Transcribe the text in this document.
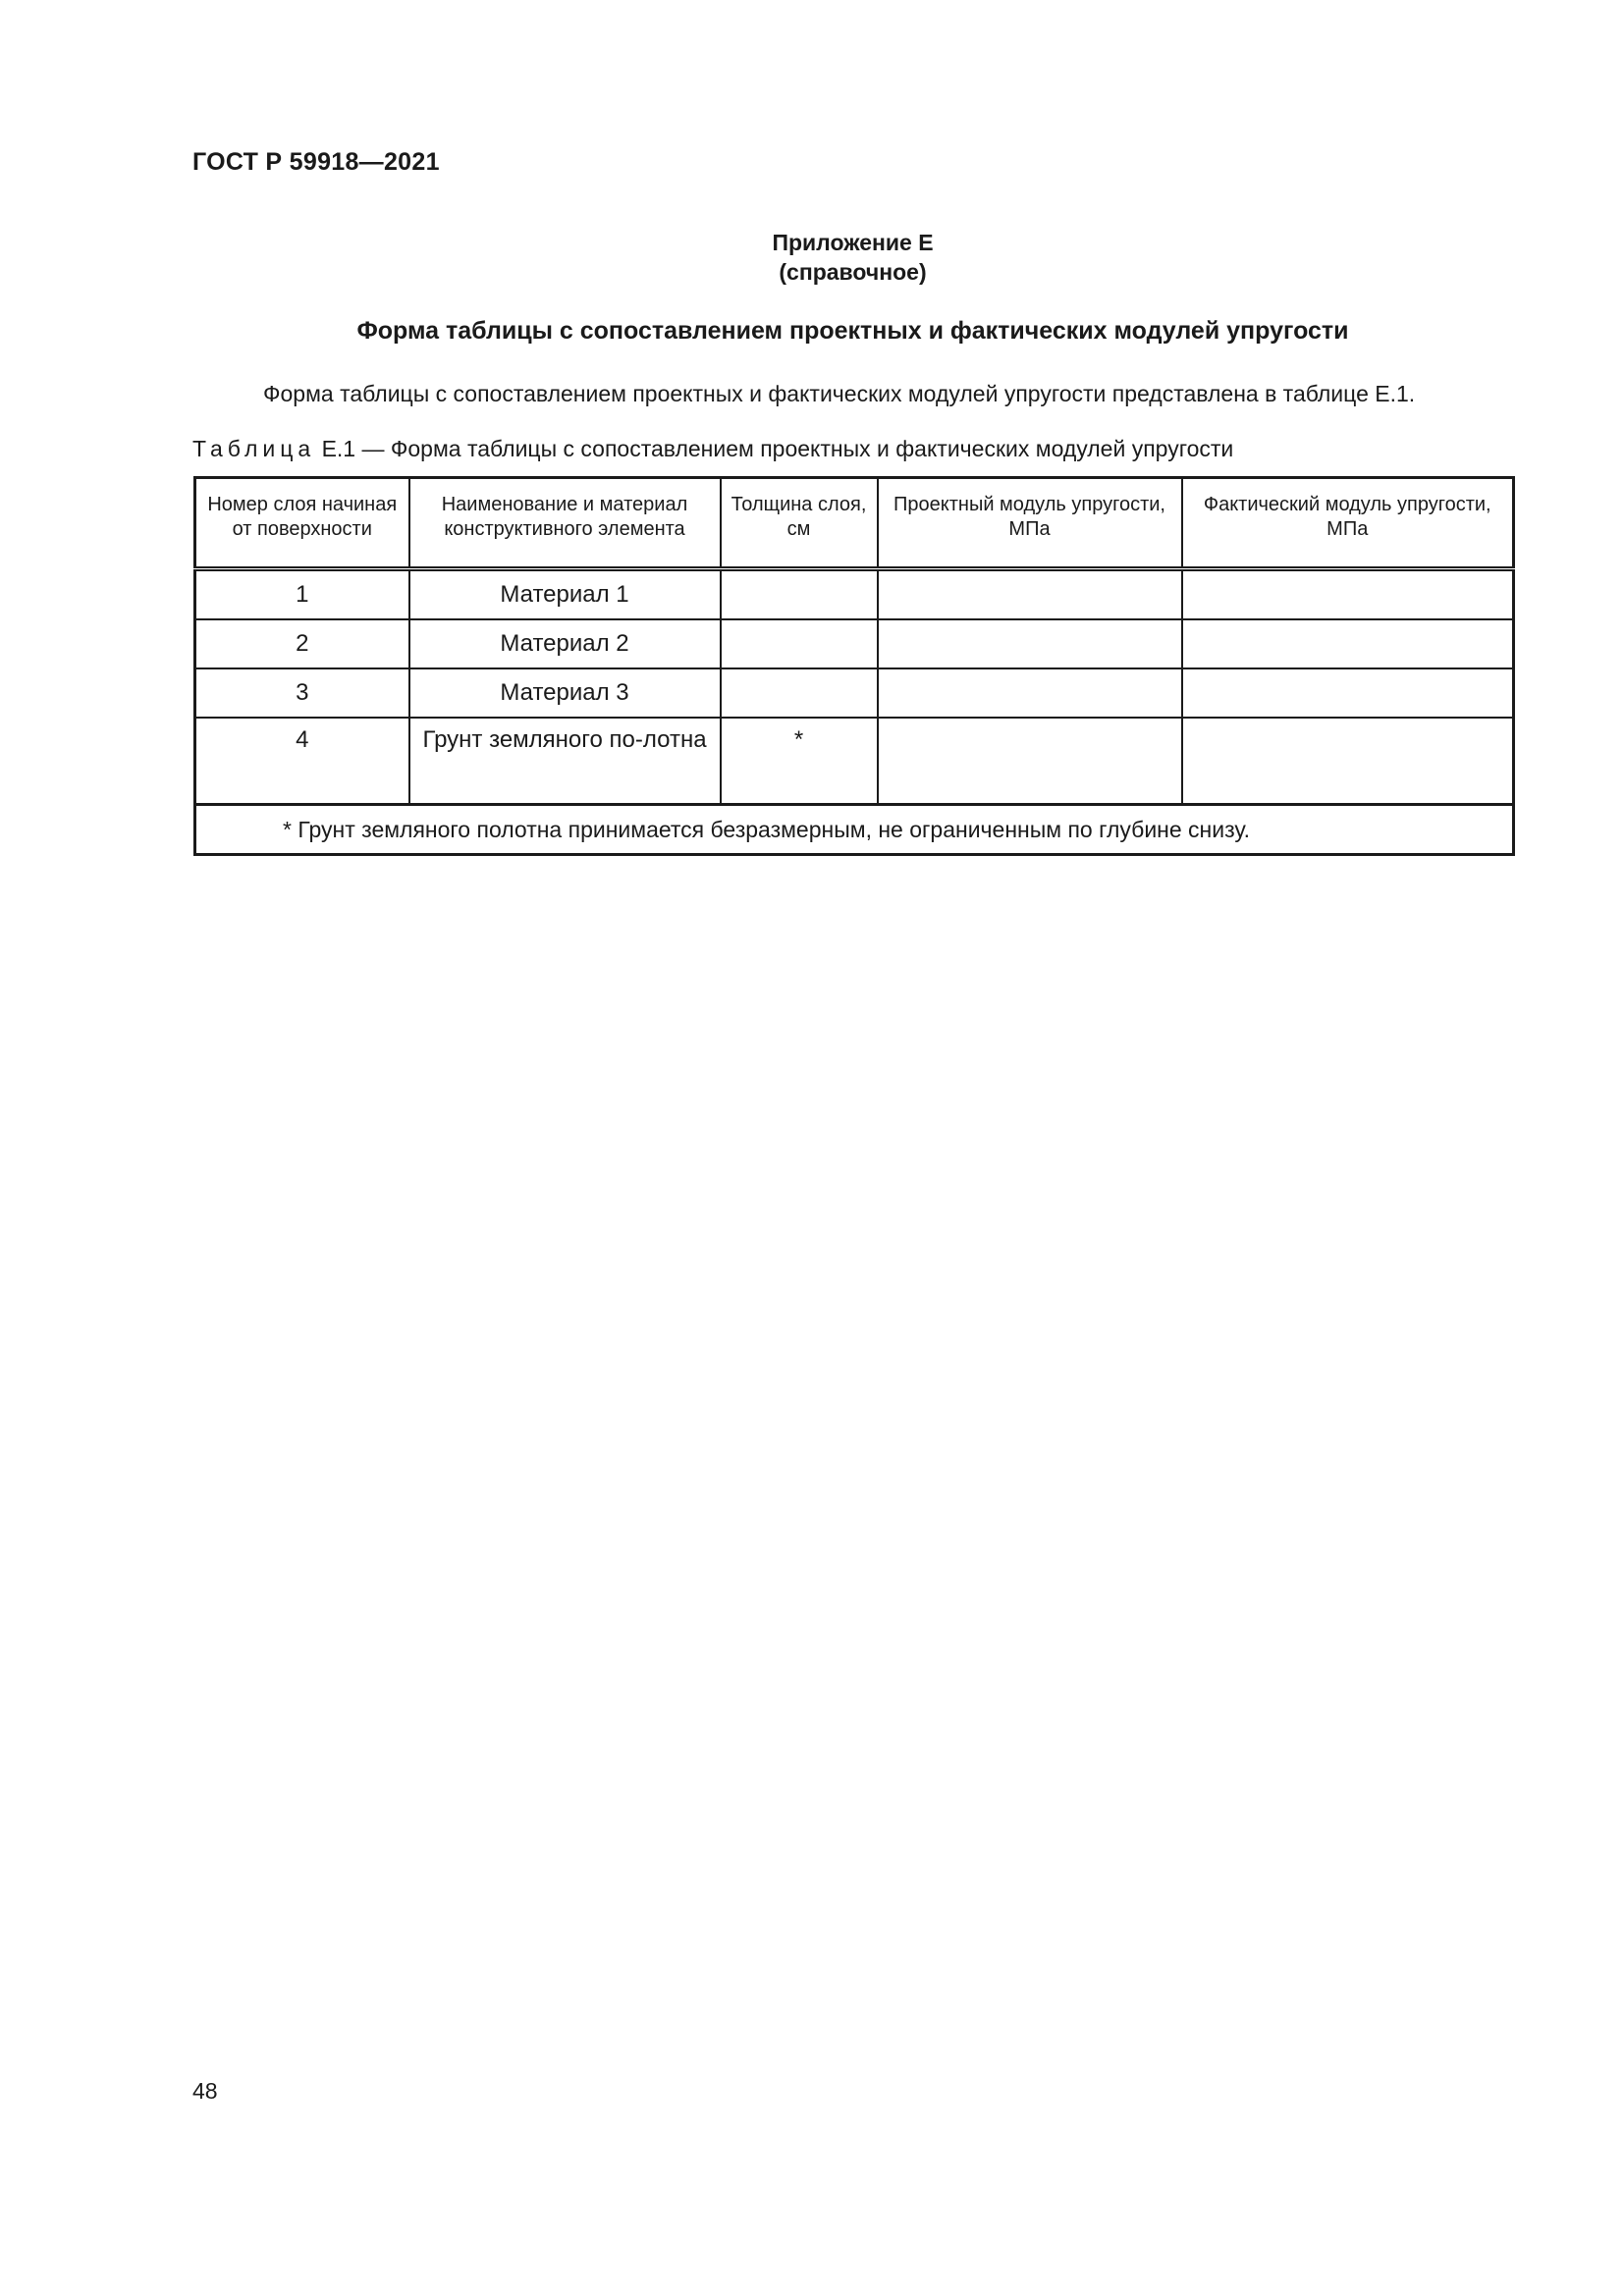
ГОСТ Р 59918—2021
Приложение Е
(справочное)
Форма таблицы с сопоставлением проектных и фактических модулей упругости
Форма таблицы с сопоставлением проектных и фактических модулей упругости представлена в таблице Е.1.
Таблица Е.1 — Форма таблицы с сопоставлением проектных и фактических модулей упругости
Номер слоя начиная от поверхности	Наименование и материал конструктивного элемента	Толщина слоя, см	Проектный модуль упругости, МПа	Фактический модуль упругости, МПа
1	Материал 1			
2	Материал 2			
3	Материал 3			
4	Грунт земляного по-лотна	*		
* Грунт земляного полотна принимается безразмерным, не ограниченным по глубине снизу.				
48
